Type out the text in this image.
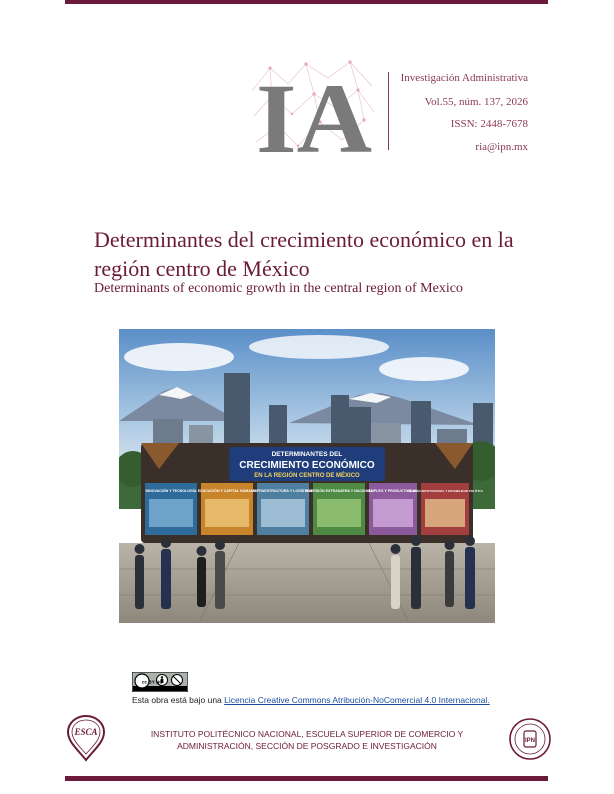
IA	Investigación Administrativa
Vol.55, núm. 137, 2026
ISSN: 2448-7678
ria@ipn.mx
Determinantes del crecimiento económico en la región centro de México
Determinants of economic growth in the central region of Mexico
DETERMINANTES DEL
CRECIMIENTO ECONÓMICO
EN LA REGIÓN CENTRO DE MÉXICO
INNOVACIÓN Y TECNOLOGÍA EDUCACIÓN Y CAPITAL HUMANO
INFRAESTRUCTURA Y LOGÍSTICA
INVERSIÓN EXTRANJERA Y NACIONAL
EMPLEO Y PRODUCTIVIDAD
CALIDAD INSTITUCIONAL Y ESTABILIDAD POLÍTICA
cc BY NC
Esta obra está bajo una Licencia Creative Commons Atribución-NoComercial 4.0 Internacional.
ESCA	INSTITUTO POLITÉCNICO NACIONAL, ESCUELA SUPERIOR DE COMERCIO Y
ADMINISTRACIÓN, SECCIÓN DE POSGRADO E INVESTIGACIÓN	IPN
